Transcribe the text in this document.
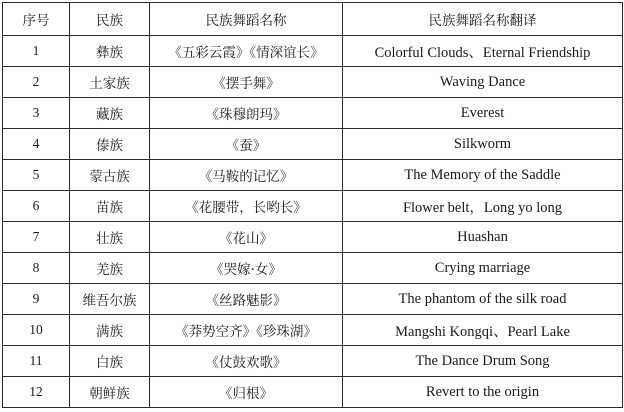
序号	民族	民族舞蹈名称	民族舞蹈名称翻译
1	彝族	《五彩云霞》《情深谊长》	Colorful Clouds、Eternal Friendship
2	土家族	《摆手舞》	Waving Dance
3	藏族	《珠穆朗玛》	Everest
4	傣族	《蚕》	Silkworm
5	蒙古族	《马鞍的记忆》	The Memory of the Saddle
6	苗族	《花腰带，长哟长》	Flower belt，Long yo long
7	壮族	《花山》	Huashan
8	羌族	《哭嫁·女》	Crying marriage
9	维吾尔族	《丝路魅影》	The phantom of the silk road
10	满族	《莽势空齐》《珍珠湖》	Mangshi Kongqi、Pearl Lake
11	白族	《仗鼓欢歌》	The Dance Drum Song
12	朝鲜族	《归根》	Revert to the origin
